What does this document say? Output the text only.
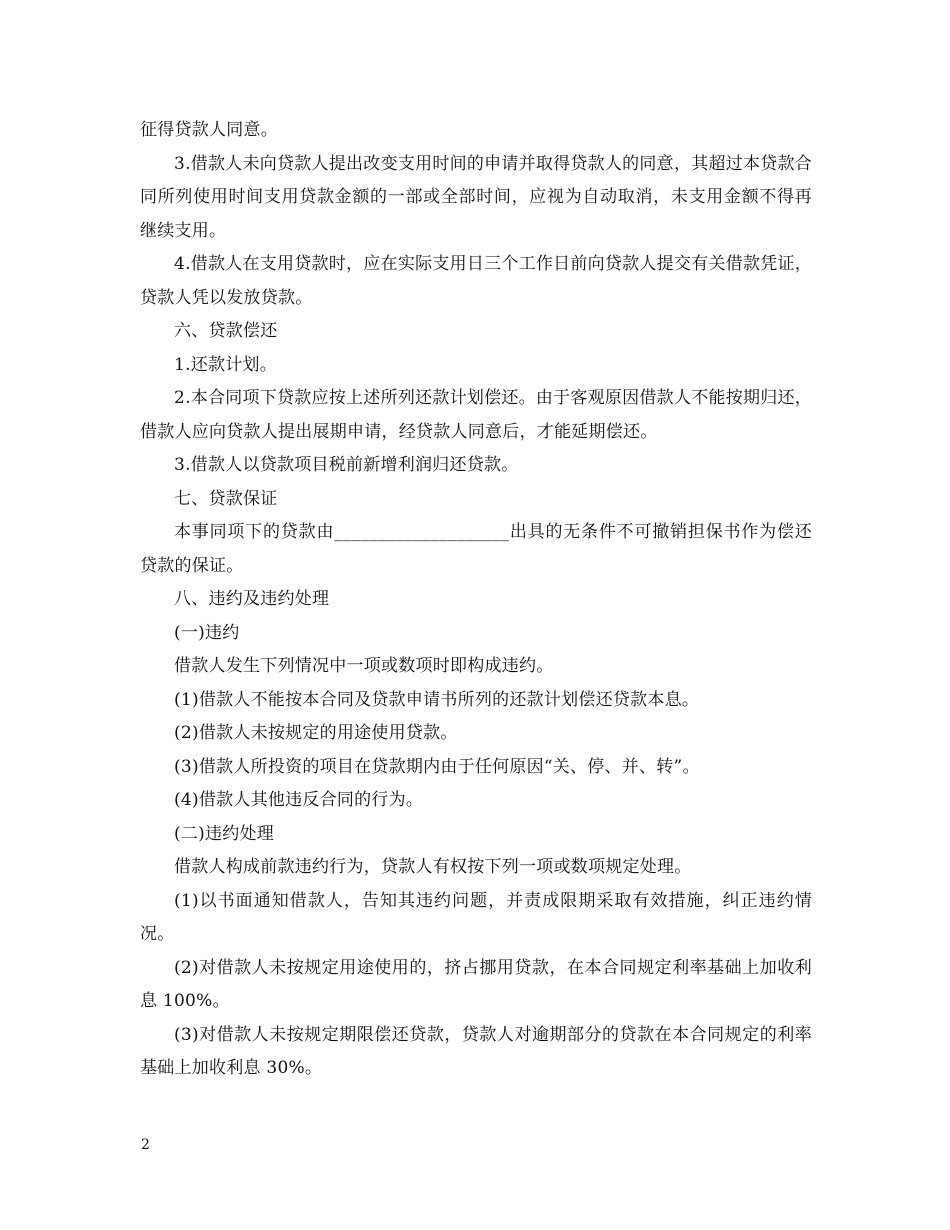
征得贷款人同意。

3.借款人未向贷款人提出改变支用时间的申请并取得贷款人的同意，其超过本贷款合同所列使用时间支用贷款金额的一部或全部时间，应视为自动取消，未支用金额不得再继续支用。

4.借款人在支用贷款时，应在实际支用日三个工作日前向贷款人提交有关借款凭证，贷款人凭以发放贷款。

六、贷款偿还

1.还款计划。

2.本合同项下贷款应按上述所列还款计划偿还。由于客观原因借款人不能按期归还，借款人应向贷款人提出展期申请，经贷款人同意后，才能延期偿还。

3.借款人以贷款项目税前新增利润归还贷款。

七、贷款保证

本事同项下的贷款由____________________出具的无条件不可撤销担保书作为偿还贷款的保证。

八、违约及违约处理

(一)违约

借款人发生下列情况中一项或数项时即构成违约。

(1)借款人不能按本合同及贷款申请书所列的还款计划偿还贷款本息。

(2)借款人未按规定的用途使用贷款。

(3)借款人所投资的项目在贷款期内由于任何原因“关、停、并、转”。

(4)借款人其他违反合同的行为。

(二)违约处理

借款人构成前款违约行为，贷款人有权按下列一项或数项规定处理。

(1)以书面通知借款人，告知其违约问题，并责成限期采取有效措施，纠正违约情况。

(2)对借款人未按规定用途使用的，挤占挪用贷款，在本合同规定利率基础上加收利息 100%。

(3)对借款人未按规定期限偿还贷款，贷款人对逾期部分的贷款在本合同规定的利率基础上加收利息 30%。

2
